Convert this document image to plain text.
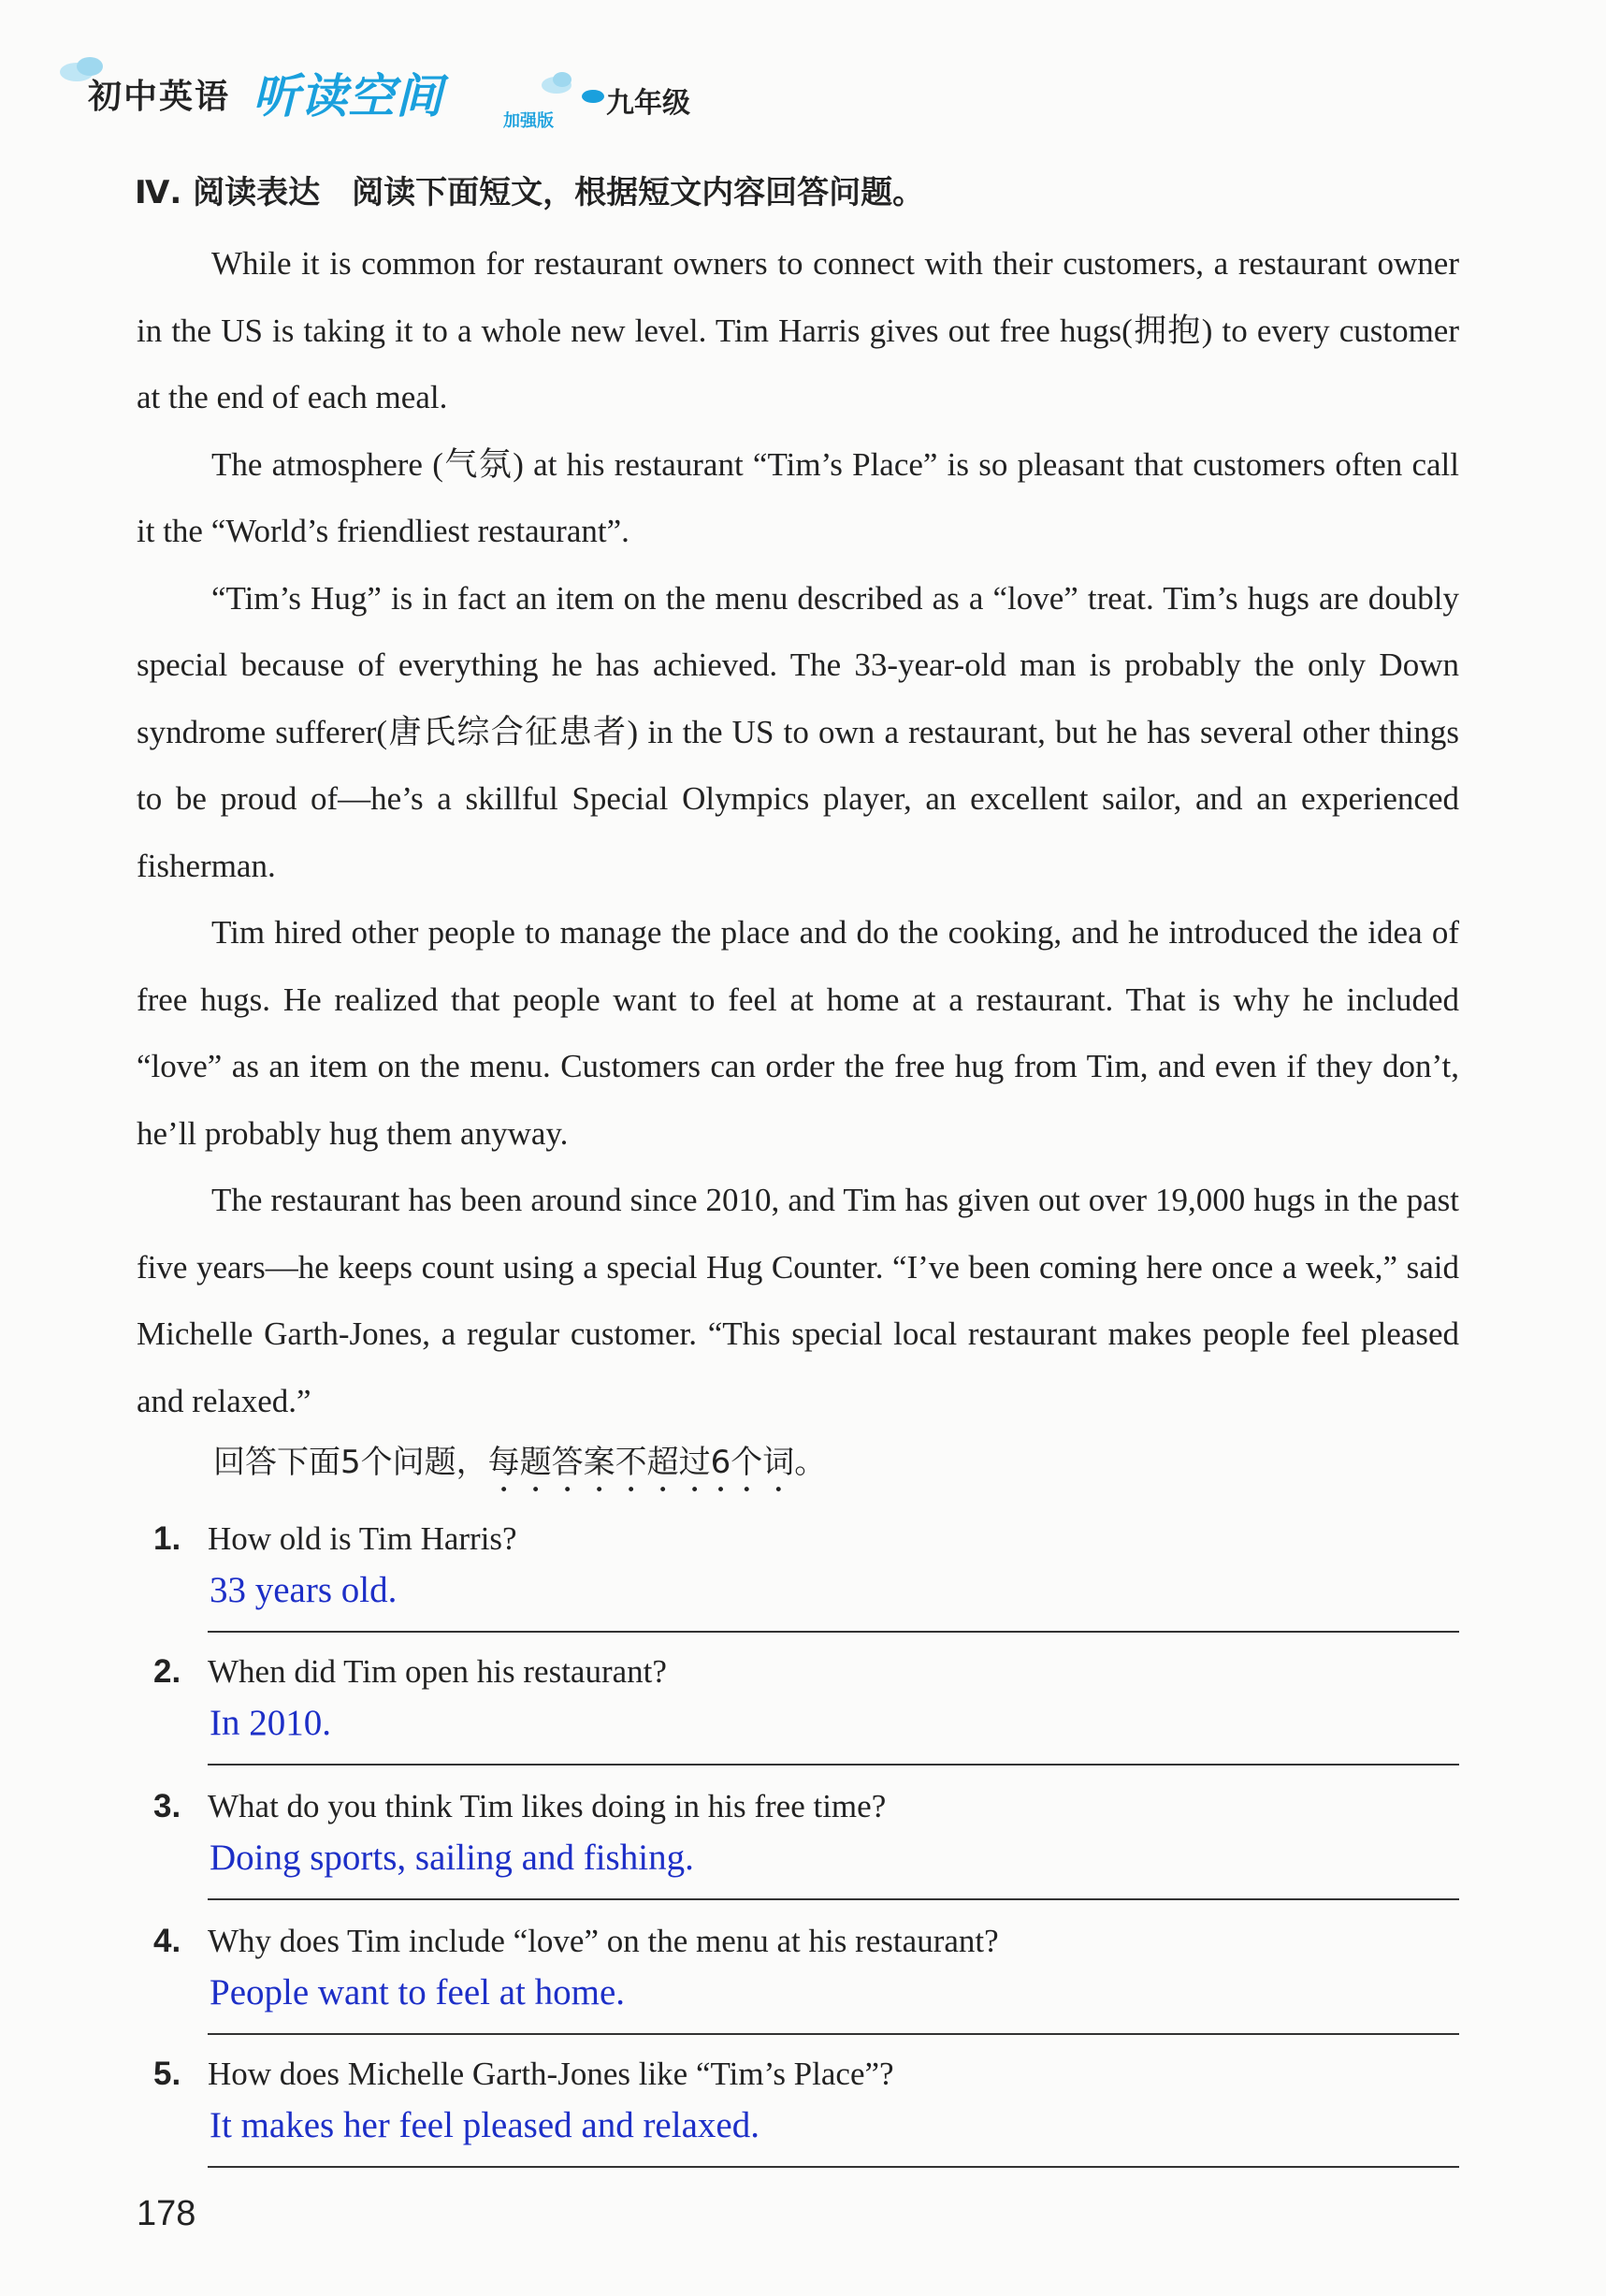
初中英语 听读空间	加强版
九年级
Ⅳ. 阅读表达　阅读下面短文，根据短文内容回答问题。

While it is common for restaurant owners to connect with their customers, a restaurant owner in the US is taking it to a whole new level. Tim Harris gives out free hugs(拥抱) to every customer at the end of each meal.

The atmosphere (气氛) at his restaurant “Tim’s Place” is so pleasant that customers often call it the “World’s friendliest restaurant”.

“Tim’s Hug” is in fact an item on the menu described as a “love” treat. Tim’s hugs are doubly special because of everything he has achieved. The 33-year-old man is probably the only Down syndrome sufferer(唐氏综合征患者) in the US to own a restaurant, but he has several other things to be proud of—he’s a skillful Special Olympics player, an excellent sailor, and an experienced fisherman.

Tim hired other people to manage the place and do the cooking, and he introduced the idea of free hugs. He realized that people want to feel at home at a restaurant. That is why he included “love” as an item on the menu. Customers can order the free hug from Tim, and even if they don’t, he’ll probably hug them anyway.

The restaurant has been around since 2010, and Tim has given out over 19,000 hugs in the past five years—he keeps count using a special Hug Counter. “I’ve been coming here once a week,” said Michelle Garth-Jones, a regular customer. “This special local restaurant makes people feel pleased and relaxed.”

回答下面5个问题，每题答案不超过6个词。
1. How old is Tim Harris?
33 years old.
2. When did Tim open his restaurant?
In 2010.
3. What do you think Tim likes doing in his free time?
Doing sports, sailing and fishing.
4. Why does Tim include “love” on the menu at his restaurant?
People want to feel at home.
5. How does Michelle Garth-Jones like “Tim’s Place”?
It makes her feel pleased and relaxed.
178
